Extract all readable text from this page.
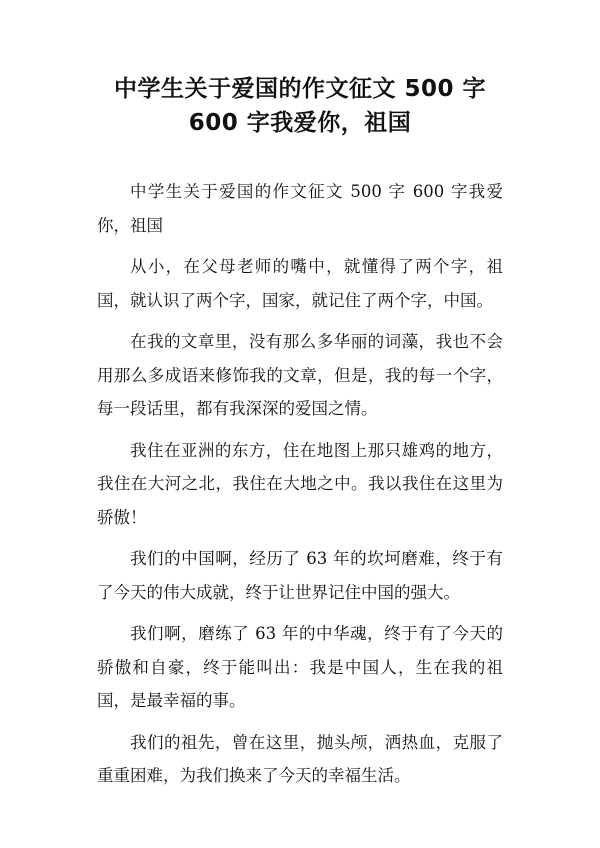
中学生关于爱国的作文征文 500 字
600 字我爱你，祖国

中学生关于爱国的作文征文 500 字 600 字我爱你，祖国

从小，在父母老师的嘴中，就懂得了两个字，祖国，就认识了两个字，国家，就记住了两个字，中国。

在我的文章里，没有那么多华丽的词藻，我也不会用那么多成语来修饰我的文章，但是，我的每一个字，每一段话里，都有我深深的爱国之情。

我住在亚洲的东方，住在地图上那只雄鸡的地方，我住在大河之北，我住在大地之中。我以我住在这里为骄傲！

我们的中国啊，经历了 63 年的坎坷磨难，终于有了今天的伟大成就，终于让世界记住中国的强大。

我们啊，磨练了 63 年的中华魂，终于有了今天的骄傲和自豪，终于能叫出：我是中国人，生在我的祖国，是最幸福的事。

我们的祖先，曾在这里，抛头颅，洒热血，克服了重重困难，为我们换来了今天的幸福生活。
